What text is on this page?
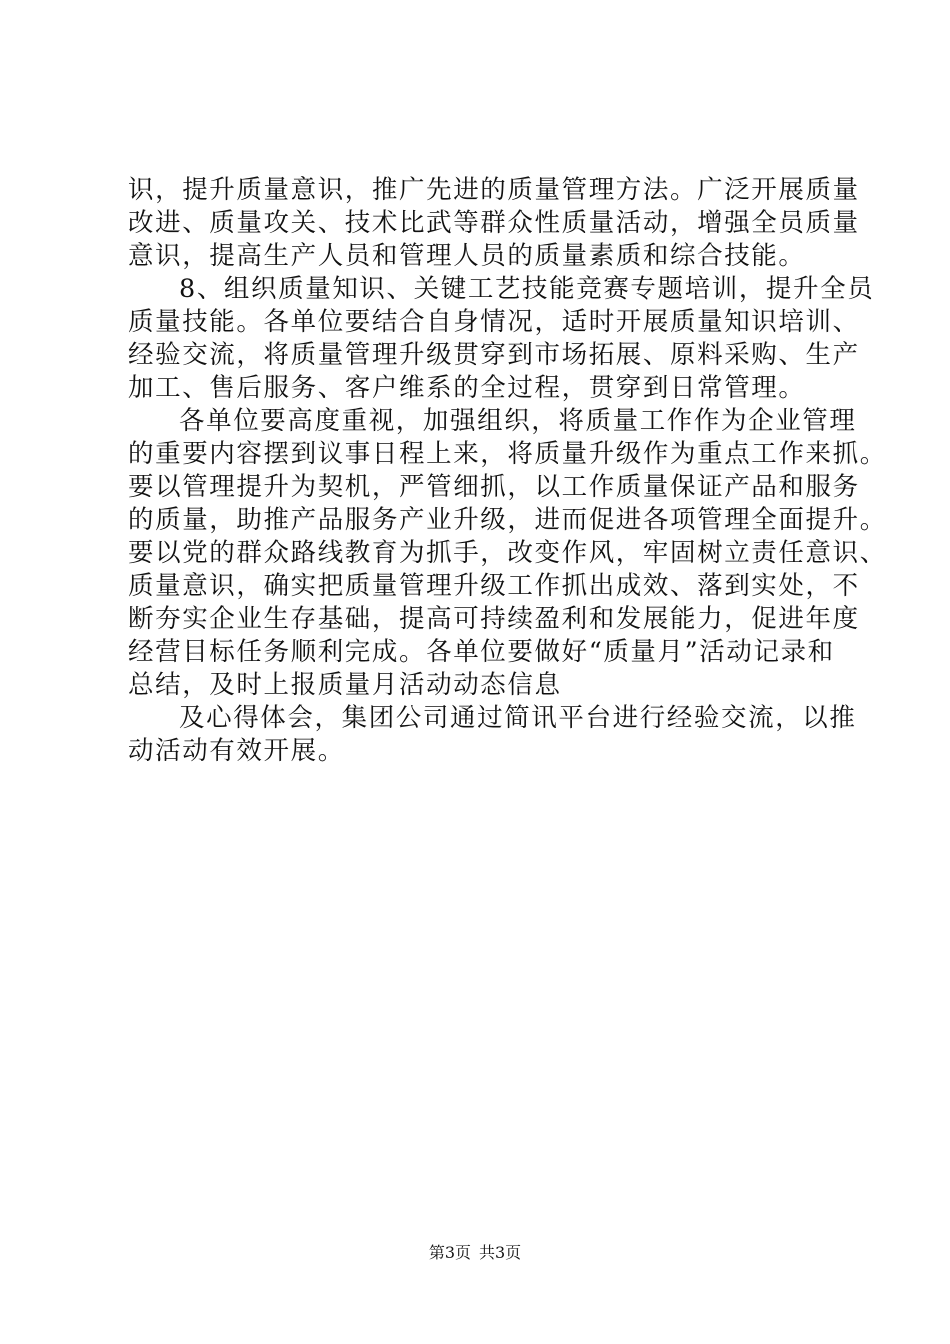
识，提升质量意识，推广先进的质量管理方法。广泛开展质量
改进、质量攻关、技术比武等群众性质量活动，增强全员质量
意识，提高生产人员和管理人员的质量素质和综合技能。
8、组织质量知识、关键工艺技能竞赛专题培训，提升全员
质量技能。各单位要结合自身情况，适时开展质量知识培训、
经验交流，将质量管理升级贯穿到市场拓展、原料采购、生产
加工、售后服务、客户维系的全过程，贯穿到日常管理。
各单位要高度重视，加强组织，将质量工作作为企业管理
的重要内容摆到议事日程上来，将质量升级作为重点工作来抓。
要以管理提升为契机，严管细抓，以工作质量保证产品和服务
的质量，助推产品服务产业升级，进而促进各项管理全面提升。
要以党的群众路线教育为抓手，改变作风，牢固树立责任意识、
质量意识，确实把质量管理升级工作抓出成效、落到实处，不
断夯实企业生存基础，提高可持续盈利和发展能力，促进年度
经营目标任务顺利完成。各单位要做好“质量月”活动记录和
总结，及时上报质量月活动动态信息
及心得体会，集团公司通过简讯平台进行经验交流，以推
动活动有效开展。
第3页 共3页
